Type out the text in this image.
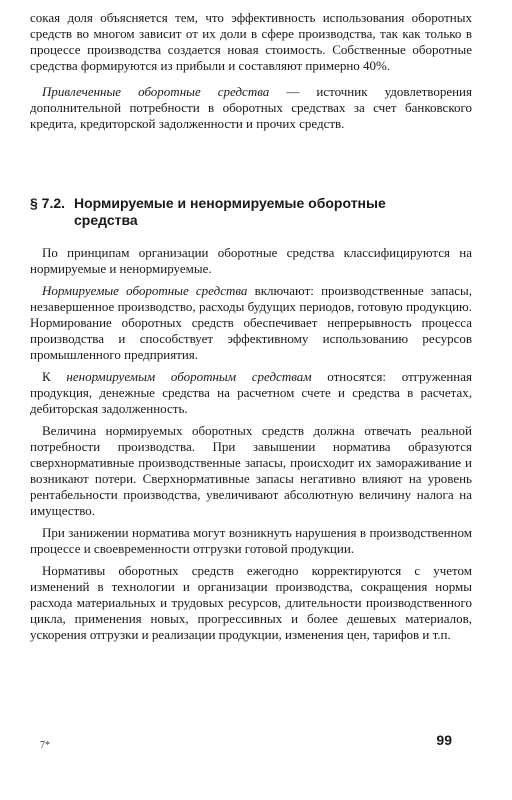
сокая доля объясняется тем, что эффективность использования оборотных средств во многом зависит от их доли в сфере производства, так как только в процессе производства создается новая стоимость. Собственные оборотные средства формируются из прибыли и составляют примерно 40%.

Привлеченные оборотные средства — источник удовлетворения дополнительной потребности в оборотных средствах за счет банковского кредита, кредиторской задолженности и прочих средств.

§ 7.2. Нормируемые и ненормируемые оборотные
средства

По принципам организации оборотные средства классифицируются на нормируемые и ненормируемые.

Нормируемые оборотные средства включают: производственные запасы, незавершенное производство, расходы будущих периодов, готовую продукцию. Нормирование оборотных средств обеспечивает непрерывность процесса производства и способствует эффективному использованию ресурсов промышленного предприятия.

К ненормируемым оборотным средствам относятся: отгруженная продукция, денежные средства на расчетном счете и средства в расчетах, дебиторская задолженность.

Величина нормируемых оборотных средств должна отвечать реальной потребности производства. При завышении норматива образуются сверхнормативные производственные запасы, происходит их замораживание и возникают потери. Сверхнормативные запасы негативно влияют на уровень рентабельности производства, увеличивают абсолютную величину налога на имущество.

При занижении норматива могут возникнуть нарушения в производственном процессе и своевременности отгрузки готовой продукции.

Нормативы оборотных средств ежегодно корректируются с учетом изменений в технологии и организации производства, сокращения нормы расхода материальных и трудовых ресурсов, длительности производственного цикла, применения новых, прогрессивных и более дешевых материалов, ускорения отгрузки и реализации продукции, изменения цен, тарифов и т.п.

7*	99
